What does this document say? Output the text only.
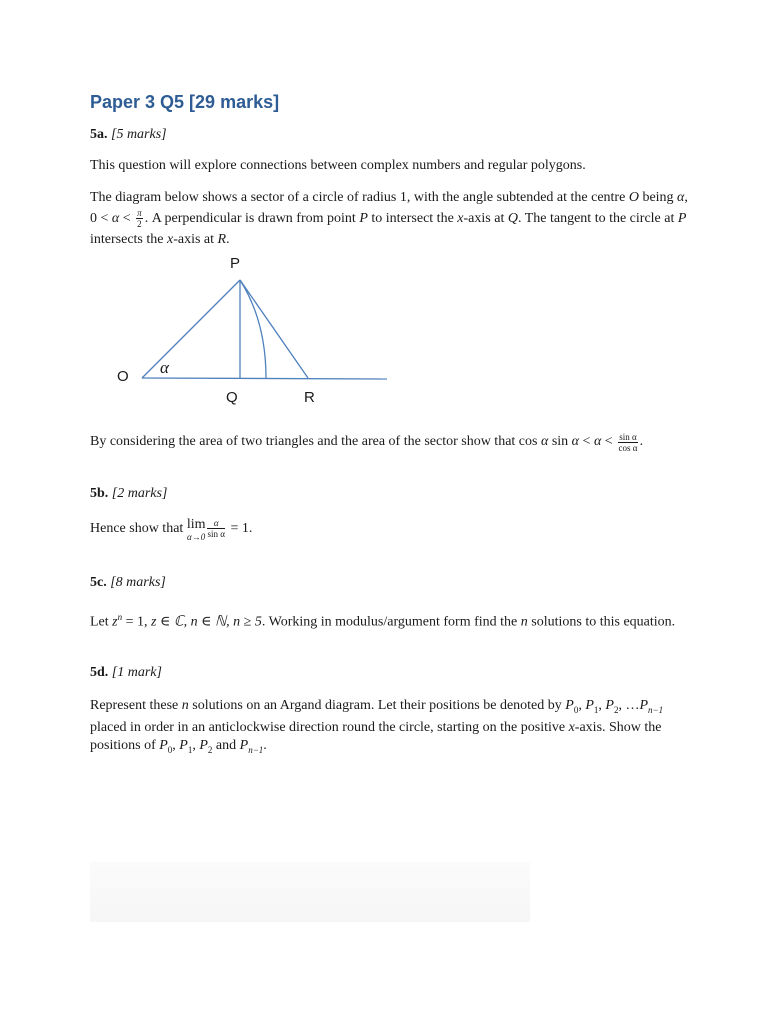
Paper 3 Q5 [29 marks]
5a. [5 marks]

This question will explore connections between complex numbers and regular polygons.

The diagram below shows a sector of a circle of radius 1, with the angle subtended at the centre O being α, $0 < \alpha < \frac{\pi}{2}$ . A perpendicular is drawn from point P to intersect the x-axis at Q. The tangent to the circle at P intersects the x-axis at R.

P
O α
Q	R

By considering the area of two triangles and the area of the sector show that cos α $\sin \alpha < \alpha < \frac{\text{sin α}}{\text{cos α}}$ .

5b. [2 marks]

Hence show that lim
$\alpha\to 0 \frac{\alpha}{\text{sin α}} = 1$.

5c. [8 marks]

Let $z^n = 1$, z ∈ ℂ, n ∈ ℕ, n ≥ 5. Working in modulus/argument form find the n solutions to this equation.

5d. [1 mark]

Represent these n solutions on an Argand diagram. Let their positions be denoted by $P_0$, $P_1$, $P_2$, $\dots P_{n-1}$ placed in order in an anticlockwise direction round the circle, starting on the positive x-axis. Show the positions of $P_0$, $P_1$, $P_2$ and $P_{n-1}$.
